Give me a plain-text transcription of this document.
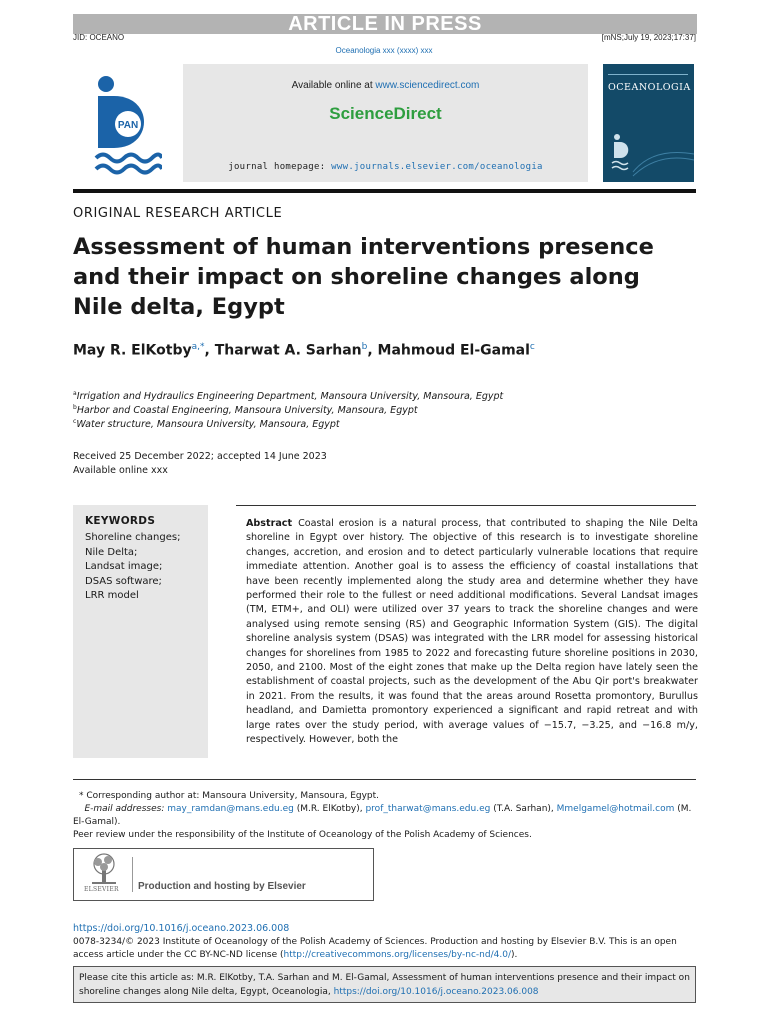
ARTICLE IN PRESS
JID: OCEANO	[mNS;July 19, 2023;17:37]
Oceanologia xxx (xxxx) xxx
PAN
Available online at www.sciencedirect.com
ScienceDirect
journal homepage: www.journals.elsevier.com/oceanologia
OCEANOLOGIA
ORIGINAL RESEARCH ARTICLE
Assessment of human interventions presence and their impact on shoreline changes along Nile delta, Egypt
May R. ElKotby$^{a,*}$, Tharwat A. Sarhan$^b$, Mahmoud El-Gamal$^c$
$^a$Irrigation and Hydraulics Engineering Department, Mansoura University, Mansoura, Egypt
$^b$Harbor and Coastal Engineering, Mansoura University, Mansoura, Egypt
$^c$Water structure, Mansoura University, Mansoura, Egypt
Received 25 December 2022; accepted 14 June 2023
Available online xxx
KEYWORDS
Shoreline changes;
Nile Delta;
Landsat image;
DSAS software;
LRR model
Abstract Coastal erosion is a natural process, that contributed to shaping the Nile Delta shoreline in Egypt over history. The objective of this research is to investigate shoreline changes, accretion, and erosion and to detect particularly vulnerable locations that require immediate attention. Another goal is to assess the efficiency of coastal installations that have been recently implemented along the study area and determine whether they have performed their role to the fullest or need additional modifications. Several Landsat images (TM, ETM+, and OLI) were utilized over 37 years to track the shoreline changes and were analysed using remote sensing (RS) and Geographic Information System (GIS). The digital shoreline analysis system (DSAS) was integrated with the LRR model for assessing historical changes for shorelines from 1985 to 2022 and forecasting future shoreline positions in 2030, 2050, and 2100. Most of the eight zones that make up the Delta region have lately seen the establishment of coastal projects, such as the development of the Abu Qir port's breakwater in 2021. From the results, it was found that the areas around Rosetta promontory, Burullus headland, and Damietta promontory experienced a significant and rapid retreat and with large rates over the study period, with average values of −15.7, −3.25, and −16.8 m/y, respectively. However, both the
* Corresponding author at: Mansoura University, Mansoura, Egypt.
E-mail addresses: may_ramdan@mans.edu.eg (M.R. ElKotby), prof_tharwat@mans.edu.eg (T.A. Sarhan), Mmelgamel@hotmail.com (M. El-Gamal).
Peer review under the responsibility of the Institute of Oceanology of the Polish Academy of Sciences.
ELSEVIER Production and hosting by Elsevier
https://doi.org/10.1016/j.oceano.2023.06.008
0078-3234/© 2023 Institute of Oceanology of the Polish Academy of Sciences. Production and hosting by Elsevier B.V. This is an open access article under the CC BY-NC-ND license (http://creativecommons.org/licenses/by-nc-nd/4.0/).
Please cite this article as: M.R. ElKotby, T.A. Sarhan and M. El-Gamal, Assessment of human interventions presence and their impact on shoreline changes along Nile delta, Egypt, Oceanologia, https://doi.org/10.1016/j.oceano.2023.06.008
